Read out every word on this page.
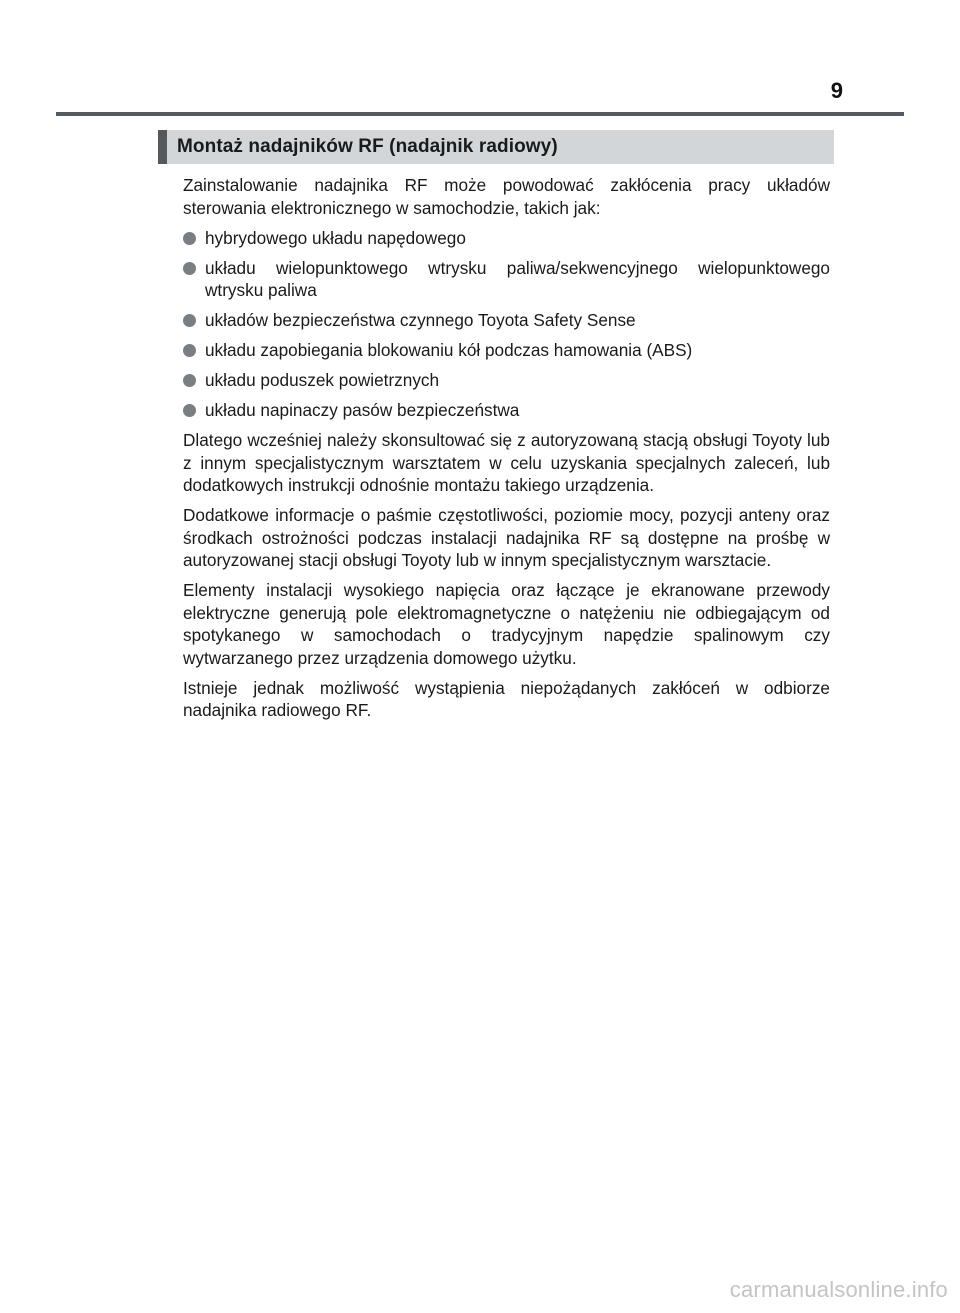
9
Montaż nadajników RF (nadajnik radiowy)

Zainstalowanie nadajnika RF może powodować zakłócenia pracy układów sterowania elektronicznego w samochodzie, takich jak:

hybrydowego układu napędowego
układu wielopunktowego wtrysku paliwa/sekwencyjnego wielopunktowego wtrysku paliwa
układów bezpieczeństwa czynnego Toyota Safety Sense
układu zapobiegania blokowaniu kół podczas hamowania (ABS)
układu poduszek powietrznych
układu napinaczy pasów bezpieczeństwa

Dlatego wcześniej należy skonsultować się z autoryzowaną stacją obsługi Toyoty lub z innym specjalistycznym warsztatem w celu uzyskania specjalnych zaleceń, lub dodatkowych instrukcji odnośnie montażu takiego urządzenia.

Dodatkowe informacje o paśmie częstotliwości, poziomie mocy, pozycji anteny oraz środkach ostrożności podczas instalacji nadajnika RF są dostępne na prośbę w autoryzowanej stacji obsługi Toyoty lub w innym specjalistycznym warsztacie.

Elementy instalacji wysokiego napięcia oraz łączące je ekranowane przewody elektryczne generują pole elektromagnetyczne o natężeniu nie odbiegającym od spotykanego w samochodach o tradycyjnym napędzie spalinowym czy wytwarzanego przez urządzenia domowego użytku.

Istnieje jednak możliwość wystąpienia niepożądanych zakłóceń w odbiorze nadajnika radiowego RF.

carmanualsonline.info
